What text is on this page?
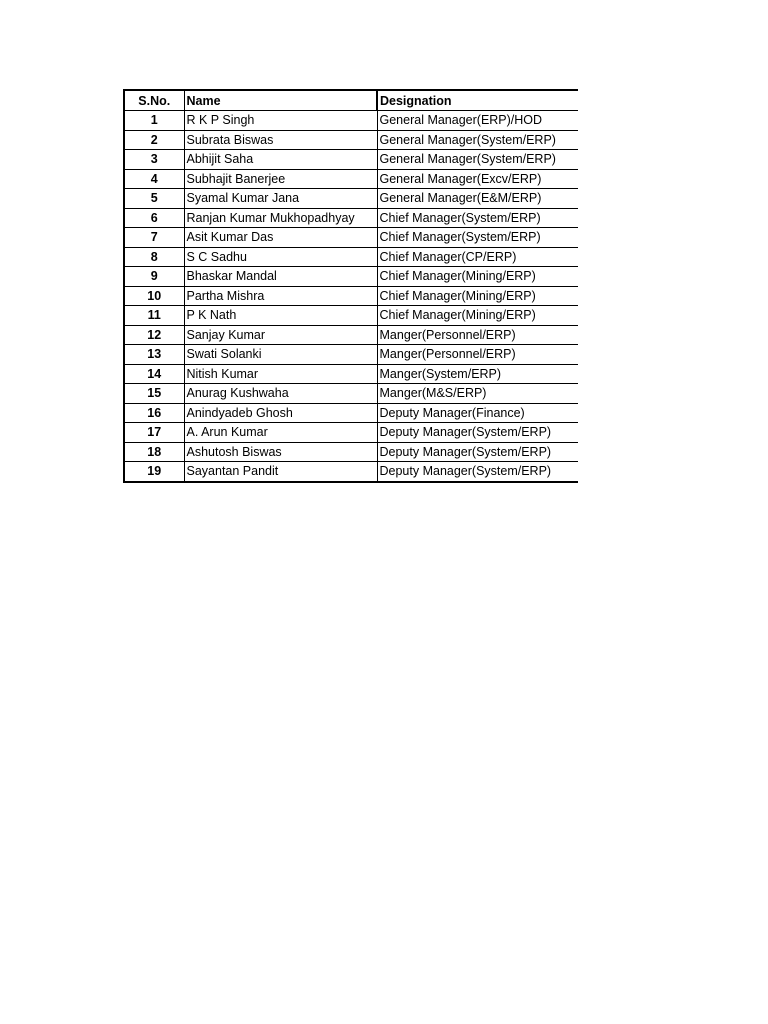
S.No.	Name	Designation
1	R K P Singh	General Manager(ERP)/HOD
2	Subrata Biswas	General Manager(System/ERP)
3	Abhijit Saha	General Manager(System/ERP)
4	Subhajit Banerjee	General Manager(Excv/ERP)
5	Syamal Kumar Jana	General Manager(E&M/ERP)
6	Ranjan Kumar Mukhopadhyay	Chief Manager(System/ERP)
7	Asit Kumar Das	Chief Manager(System/ERP)
8	S C Sadhu	Chief Manager(CP/ERP)
9	Bhaskar Mandal	Chief Manager(Mining/ERP)
10	Partha Mishra	Chief Manager(Mining/ERP)
11	P K Nath	Chief Manager(Mining/ERP)
12	Sanjay Kumar	Manger(Personnel/ERP)
13	Swati Solanki	Manger(Personnel/ERP)
14	Nitish Kumar	Manger(System/ERP)
15	Anurag Kushwaha	Manger(M&S/ERP)
16	Anindyadeb Ghosh	Deputy Manager(Finance)
17	A. Arun Kumar	Deputy Manager(System/ERP)
18	Ashutosh Biswas	Deputy Manager(System/ERP)
19	Sayantan Pandit	Deputy Manager(System/ERP)
